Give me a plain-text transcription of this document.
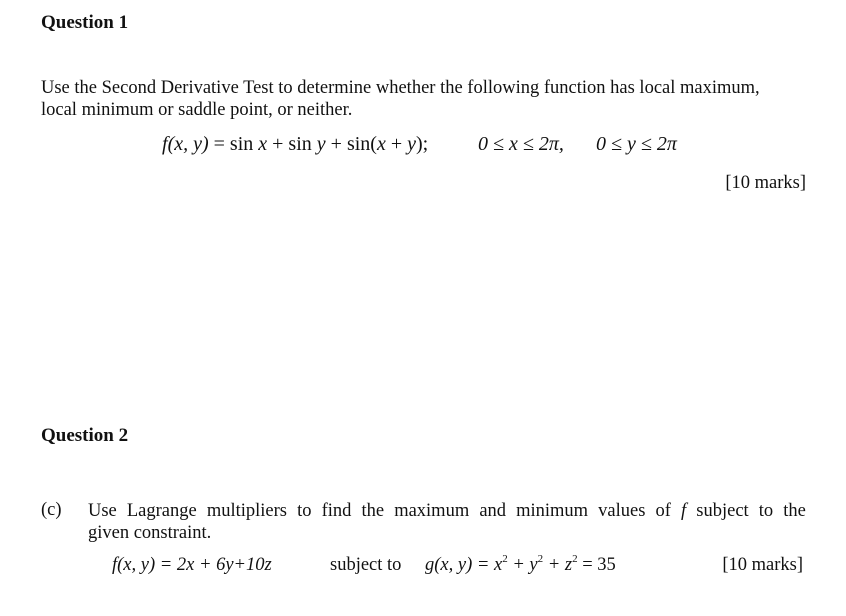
Question 1
Use the Second Derivative Test to determine whether the following function has local maximum,
local minimum or saddle point, or neither.
f(x, y) = sin x + sin y + sin(x + y); 0 ≤ x ≤ 2π, 0 ≤ y ≤ 2π
[10 marks]
Question 2
(c) Use Lagrange multipliers to find the maximum and minimum values of f subject to the
given constraint.
f(x, y) = 2x + 6y+10z	subject to g(x, $y) = x^2 + y^2 + z^2 = 35$	[10 marks]
